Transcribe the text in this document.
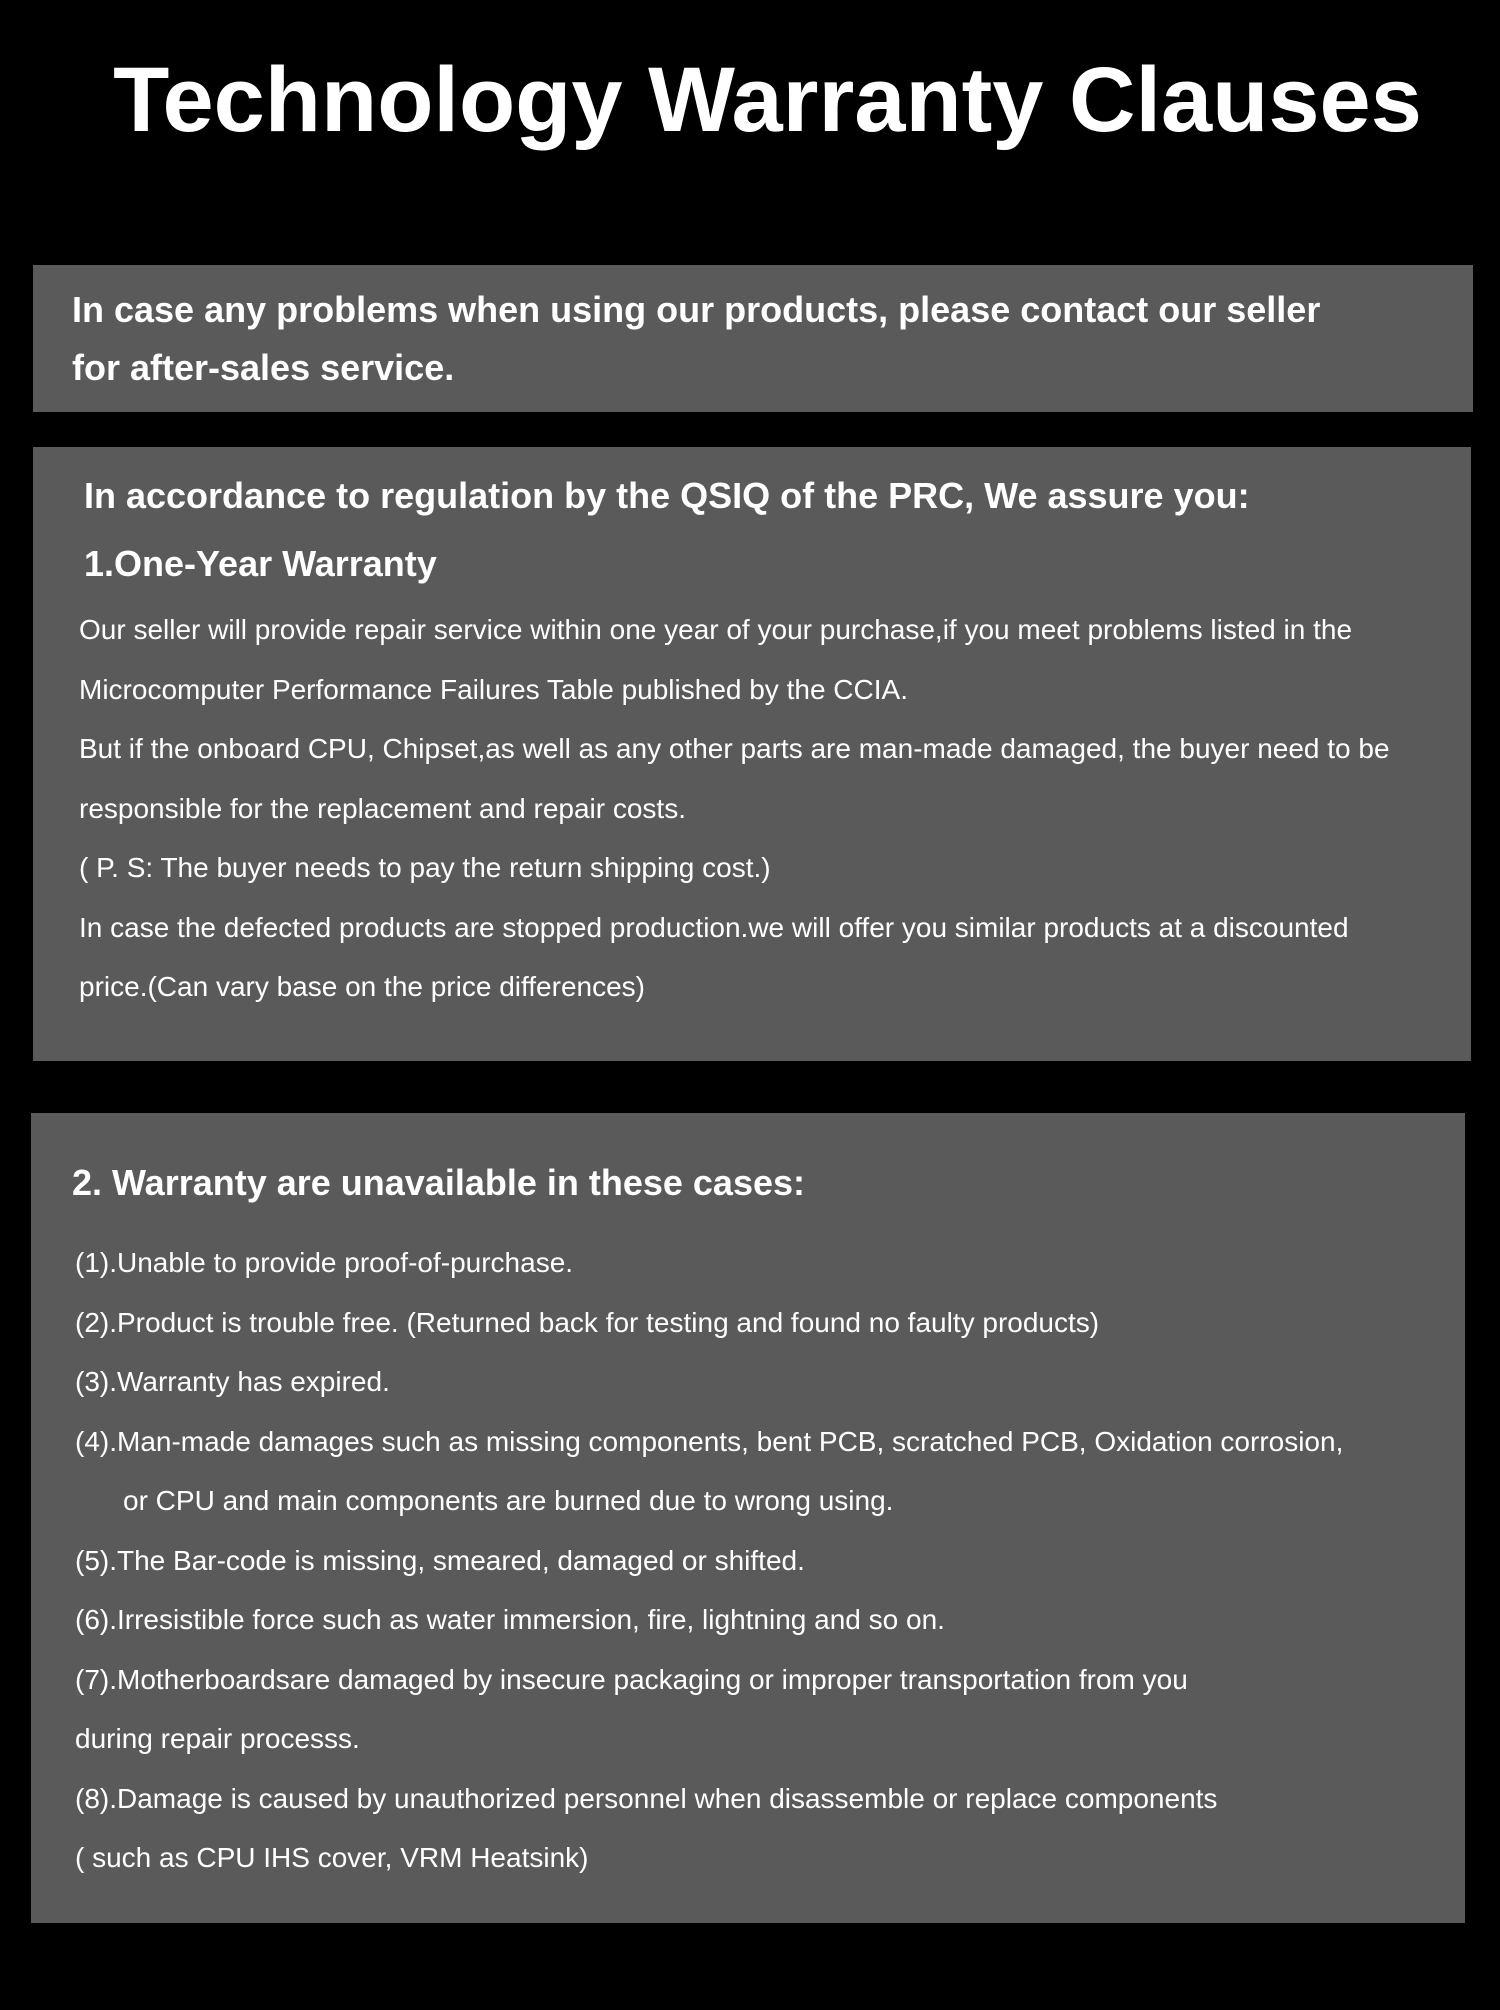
Technology Warranty Clauses
In case any problems when using our products, please contact our seller
for after-sales service.
In accordance to regulation by the QSIQ of the PRC, We assure you:
1.One-Year Warranty
Our seller will provide repair service within one year of your purchase,if you meet problems listed in the
Microcomputer Performance Failures Table published by the CCIA.
But if the onboard CPU, Chipset,as well as any other parts are man-made damaged, the buyer need to be
responsible for the replacement and repair costs.
( P. S: The buyer needs to pay the return shipping cost.)
In case the defected products are stopped production.we will offer you similar products at a discounted
price.(Can vary base on the price differences)
2. Warranty are unavailable in these cases:
(1).Unable to provide proof-of-purchase.
(2).Product is trouble free. (Returned back for testing and found no faulty products)
(3).Warranty has expired.
(4).Man-made damages such as missing components, bent PCB, scratched PCB, Oxidation corrosion,
or CPU and main components are burned due to wrong using.
(5).The Bar-code is missing, smeared, damaged or shifted.
(6).Irresistible force such as water immersion, fire, lightning and so on.
(7).Motherboardsare damaged by insecure packaging or improper transportation from you
during repair processs.
(8).Damage is caused by unauthorized personnel when disassemble or replace components
( such as CPU IHS cover, VRM Heatsink)
